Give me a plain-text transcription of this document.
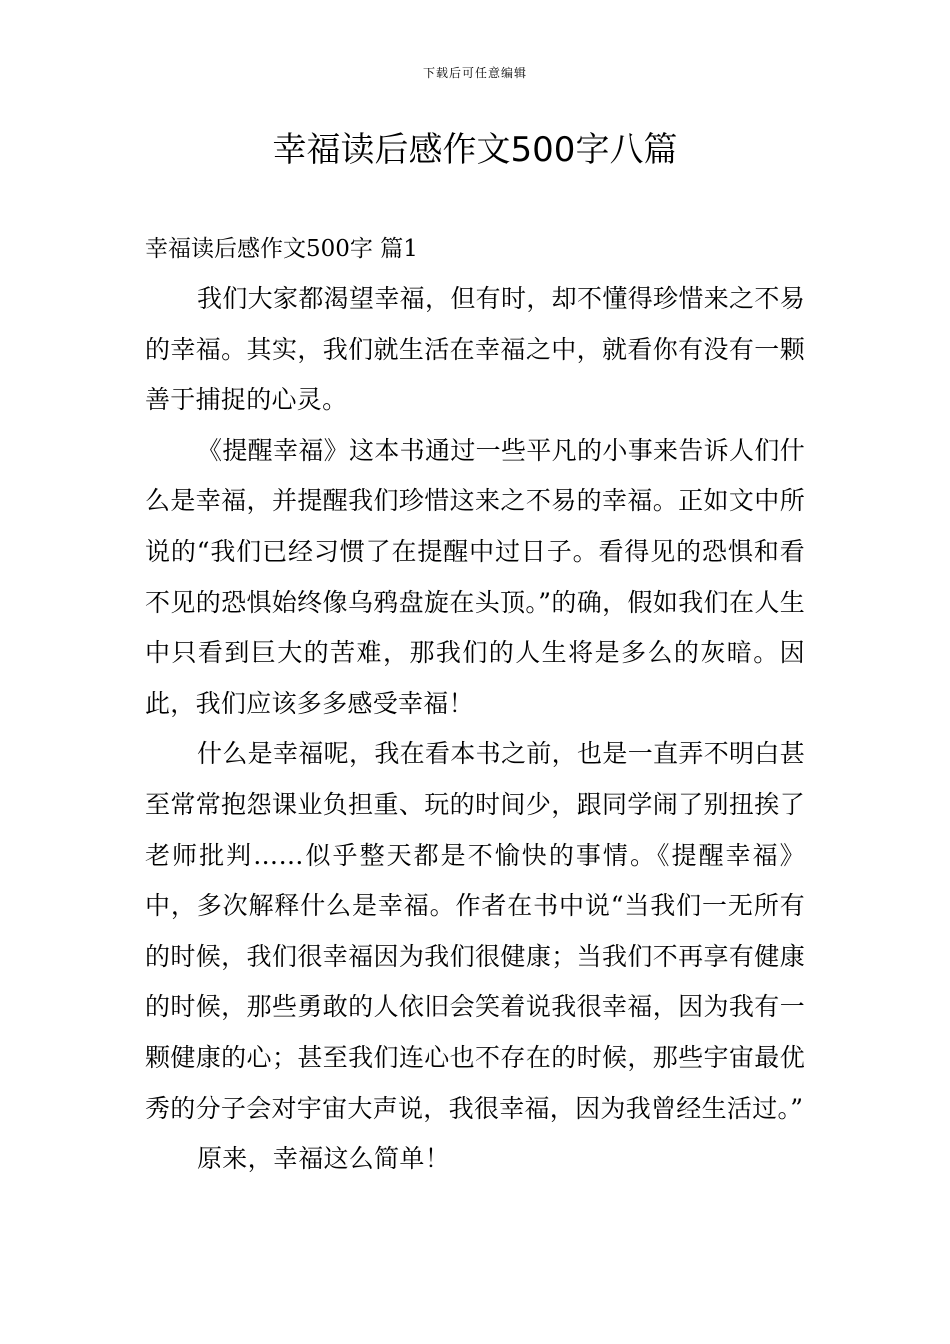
下载后可任意编辑
幸福读后感作文500字八篇

幸福读后感作文500字 篇1

我们大家都渴望幸福，但有时，却不懂得珍惜来之不易的幸福。其实，我们就生活在幸福之中，就看你有没有一颗善于捕捉的心灵。

《提醒幸福》这本书通过一些平凡的小事来告诉人们什么是幸福，并提醒我们珍惜这来之不易的幸福。正如文中所说的“我们已经习惯了在提醒中过日子。看得见的恐惧和看不见的恐惧始终像乌鸦盘旋在头顶。”的确，假如我们在人生中只看到巨大的苦难，那我们的人生将是多么的灰暗。因此，我们应该多多感受幸福！

什么是幸福呢，我在看本书之前，也是一直弄不明白甚至常常抱怨课业负担重、玩的时间少，跟同学闹了别扭挨了老师批判……似乎整天都是不愉快的事情。《提醒幸福》中，多次解释什么是幸福。作者在书中说“当我们一无所有的时候，我们很幸福因为我们很健康；当我们不再享有健康的时候，那些勇敢的人依旧会笑着说我很幸福，因为我有一颗健康的心；甚至我们连心也不存在的时候，那些宇宙最优秀的分子会对宇宙大声说，我很幸福，因为我曾经生活过。”

原来，幸福这么简单！
